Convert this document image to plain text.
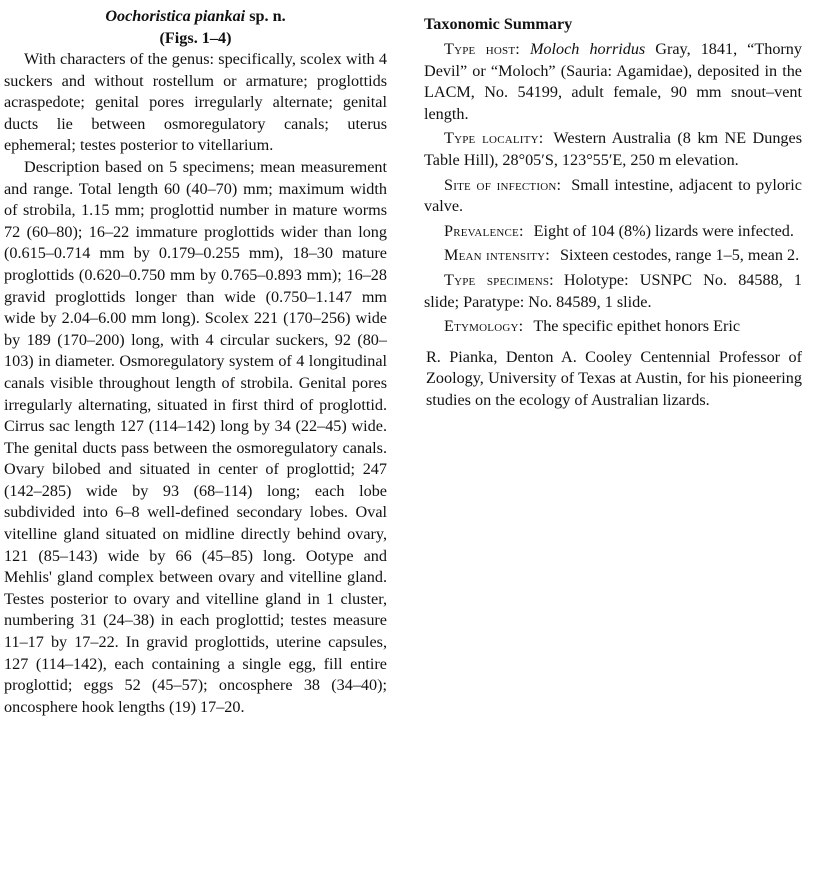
Oochoristica piankai sp. n.
(Figs. 1–4)

With characters of the genus: specifically, scolex with 4 suckers and without rostellum or armature; proglottids acraspedote; genital pores irregularly alternate; genital ducts lie between osmoregulatory canals; uterus ephemeral; testes posterior to vitellarium.

Description based on 5 specimens; mean measurement and range. Total length 60 (40–70) mm; maximum width of strobila, 1.15 mm; proglottid number in mature worms 72 (60–80); 16–22 immature proglottids wider than long (0.615–0.714 mm by 0.179–0.255 mm), 18–30 mature proglottids (0.620–0.750 mm by 0.765–0.893 mm); 16–28 gravid proglottids longer than wide (0.750–1.147 mm wide by 2.04–6.00 mm long). Scolex 221 (170–256) wide by 189 (170–200) long, with 4 circular suckers, 92 (80–103) in diameter. Osmoregulatory system of 4 longitudinal canals visible throughout length of strobila. Genital pores irregularly alternating, situated in first third of proglottid. Cirrus sac length 127 (114–142) long by 34 (22–45) wide. The genital ducts pass between the osmoregulatory canals. Ovary bilobed and situated in center of proglottid; 247 (142–285) wide by 93 (68–114) long; each lobe subdivided into 6–8 well-defined secondary lobes. Oval vitelline gland situated on midline directly behind ovary, 121 (85–143) wide by 66 (45–85) long. Ootype and Mehlis' gland complex between ovary and vitelline gland. Testes posterior to ovary and vitelline gland in 1 cluster, numbering 31 (24–38) in each proglottid; testes measure 11–17 by 17–22. In gravid proglottids, uterine capsules, 127 (114–142), each containing a single egg, fill entire proglottid; eggs 52 (45–57); oncosphere 38 (34–40); oncosphere hook lengths (19) 17–20.

Taxonomic Summary

Type host: Moloch horridus Gray, 1841, “Thorny Devil” or “Moloch” (Sauria: Agamidae), deposited in the LACM, No. 54199, adult female, 90 mm snout–vent length.

Type locality: Western Australia (8 km NE Dunges Table Hill), 28°05′S, 123°55′E, 250 m elevation.

Site of infection: Small intestine, adjacent to pyloric valve.

Prevalence: Eight of 104 (8%) lizards were infected.

Mean intensity: Sixteen cestodes, range 1–5, mean 2.

Type specimens: Holotype: USNPC No. 84588, 1 slide; Paratype: No. 84589, 1 slide.

Etymology: The specific epithet honors Eric

R. Pianka, Denton A. Cooley Centennial Professor of Zoology, University of Texas at Austin, for his pioneering studies on the ecology of Australian lizards.
